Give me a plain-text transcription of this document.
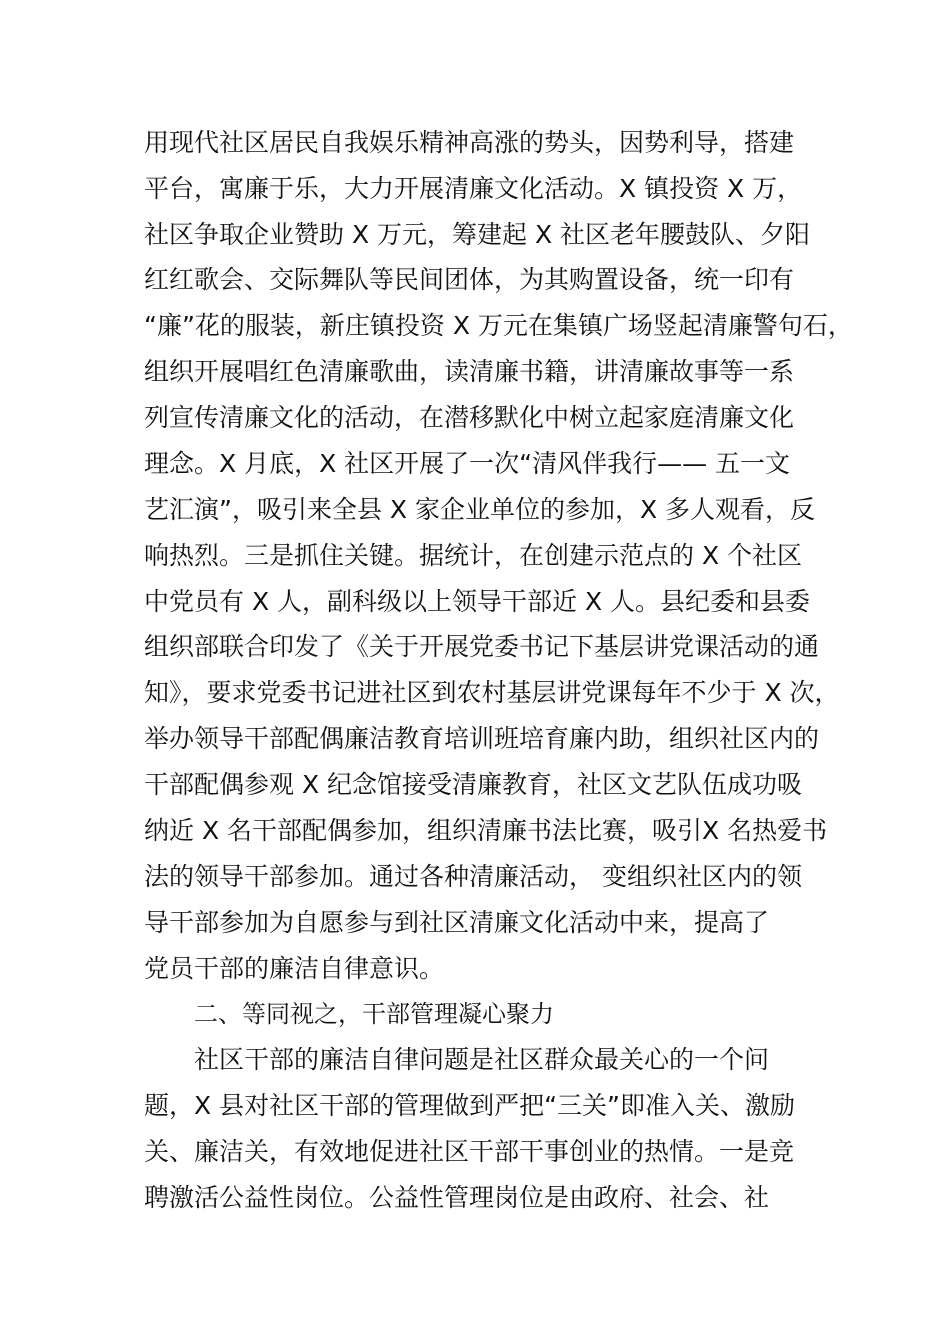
用现代社区居民自我娱乐精神高涨的势头，因势利导，搭建
平台，寓廉于乐，大力开展清廉文化活动。X 镇投资 X 万，
社区争取企业赞助 X 万元，筹建起 X 社区老年腰鼓队、夕阳
红红歌会、交际舞队等民间团体，为其购置设备，统一印有
“廉”花的服装，新庄镇投资 X 万元在集镇广场竖起清廉警句石，
组织开展唱红色清廉歌曲，读清廉书籍，讲清廉故事等一系
列宣传清廉文化的活动，在潜移默化中树立起家庭清廉文化
理念。X 月底，X 社区开展了一次“清风伴我行—— 五一文
艺汇演”，吸引来全县 X 家企业单位的参加，X 多人观看，反
响热烈。三是抓住关键。据统计，在创建示范点的 X 个社区
中党员有 X 人，副科级以上领导干部近 X 人。县纪委和县委
组织部联合印发了《关于开展党委书记下基层讲党课活动的通
知》，要求党委书记进社区到农村基层讲党课每年不少于 X 次，
举办领导干部配偶廉洁教育培训班培育廉内助，组织社区内的
干部配偶参观 X 纪念馆接受清廉教育，社区文艺队伍成功吸
纳近 X 名干部配偶参加，组织清廉书法比赛，吸引X 名热爱书
法的领导干部参加。通过各种清廉活动， 变组织社区内的领
导干部参加为自愿参与到社区清廉文化活动中来，提高了
党员干部的廉洁自律意识。
二、等同视之，干部管理凝心聚力
社区干部的廉洁自律问题是社区群众最关心的一个问
题，X 县对社区干部的管理做到严把“三关”即准入关、激励
关、廉洁关，有效地促进社区干部干事创业的热情。一是竞
聘激活公益性岗位。公益性管理岗位是由政府、社会、社
